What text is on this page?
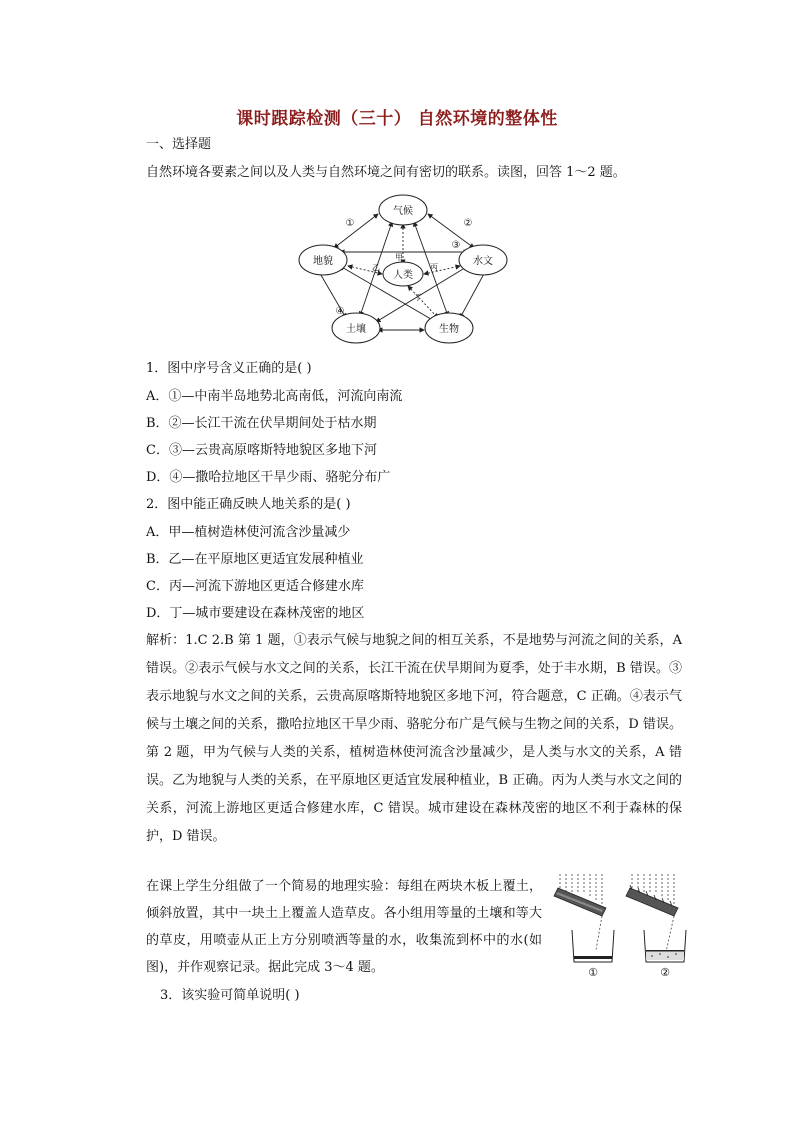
课时跟踪检测（三十） 自然环境的整体性
一、选择题
自然环境各要素之间以及人类与自然环境之间有密切的联系。读图，回答 1～2 题。
气候
地貌	水文
土壤	生物
人类
①	②
③
④
甲
乙	丙
丁
1．图中序号含义正确的是( )
A．①—中南半岛地势北高南低，河流向南流
B．②—长江干流在伏旱期间处于枯水期
C．③—云贵高原喀斯特地貌区多地下河
D．④—撒哈拉地区干旱少雨、骆驼分布广
2．图中能正确反映人地关系的是( )
A．甲—植树造林使河流含沙量减少
B．乙—在平原地区更适宜发展种植业
C．丙—河流下游地区更适合修建水库
D．丁—城市要建设在森林茂密的地区
解析：1.C 2.B 第 1 题，①表示气候与地貌之间的相互关系，不是地势与河流之间的关系，A 错误。②表示气候与水文之间的关系，长江干流在伏旱期间为夏季，处于丰水期，B 错误。③表示地貌与水文之间的关系，云贵高原喀斯特地貌区多地下河，符合题意，C 正确。④表示气候与土壤之间的关系，撒哈拉地区干旱少雨、骆驼分布广是气候与生物之间的关系，D 错误。第 2 题，甲为气候与人类的关系，植树造林使河流含沙量减少，是人类与水文的关系，A 错误。乙为地貌与人类的关系，在平原地区更适宜发展种植业，B 正确。丙为人类与水文之间的关系，河流上游地区更适合修建水库，C 错误。城市建设在森林茂密的地区不利于森林的保护，D 错误。
在课上学生分组做了一个简易的地理实验：每组在两块木板上覆土，倾斜放置，其中一块土上覆盖人造草皮。各小组用等量的土壤和等大的草皮，用喷壶从正上方分别喷洒等量的水，收集流到杯中的水(如图)，并作观察记录。据此完成 3～4 题。	①	②
3．该实验可简单说明( )
